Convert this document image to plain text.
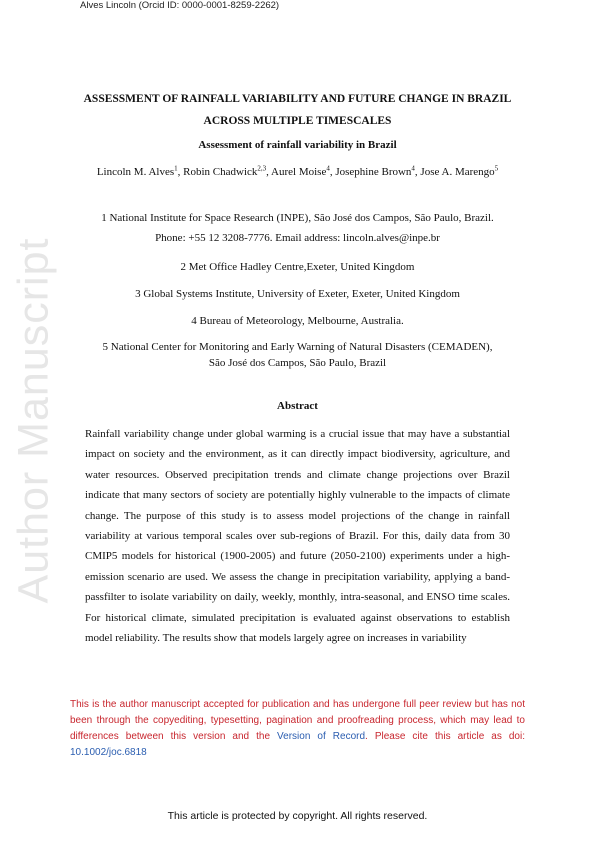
Alves Lincoln (Orcid ID: 0000-0001-8259-2262)
Author Manuscript
ASSESSMENT OF RAINFALL VARIABILITY AND FUTURE CHANGE IN BRAZIL ACROSS MULTIPLE TIMESCALES
Assessment of rainfall variability in Brazil
Lincoln M. Alves$^1$, Robin Chadwick$^{2,3}$, Aurel Moise$^4$, Josephine Brown$^4$, Jose A. Marengo$^5$
1 National Institute for Space Research (INPE), São José dos Campos, São Paulo, Brazil. Phone: +55 12 3208-7776. Email address: lincoln.alves@inpe.br
2 Met Office Hadley Centre,Exeter, United Kingdom
3 Global Systems Institute, University of Exeter, Exeter, United Kingdom
4 Bureau of Meteorology, Melbourne, Australia.
5 National Center for Monitoring and Early Warning of Natural Disasters (CEMADEN), São José dos Campos, São Paulo, Brazil
Abstract
Rainfall variability change under global warming is a crucial issue that may have a substantial impact on society and the environment, as it can directly impact biodiversity, agriculture, and water resources. Observed precipitation trends and climate change projections over Brazil indicate that many sectors of society are potentially highly vulnerable to the impacts of climate change. The purpose of this study is to assess model projections of the change in rainfall variability at various temporal scales over sub-regions of Brazil. For this, daily data from 30 CMIP5 models for historical (1900-2005) and future (2050-2100) experiments under a high-emission scenario are used. We assess the change in precipitation variability, applying a band-passfilter to isolate variability on daily, weekly, monthly, intra-seasonal, and ENSO time scales. For historical climate, simulated precipitation is evaluated against observations to establish model reliability. The results show that models largely agree on increases in variability
This is the author manuscript accepted for publication and has undergone full peer review but has not been through the copyediting, typesetting, pagination and proofreading process, which may lead to differences between this version and the Version of Record. Please cite this article as doi: 10.1002/joc.6818
This article is protected by copyright. All rights reserved.
